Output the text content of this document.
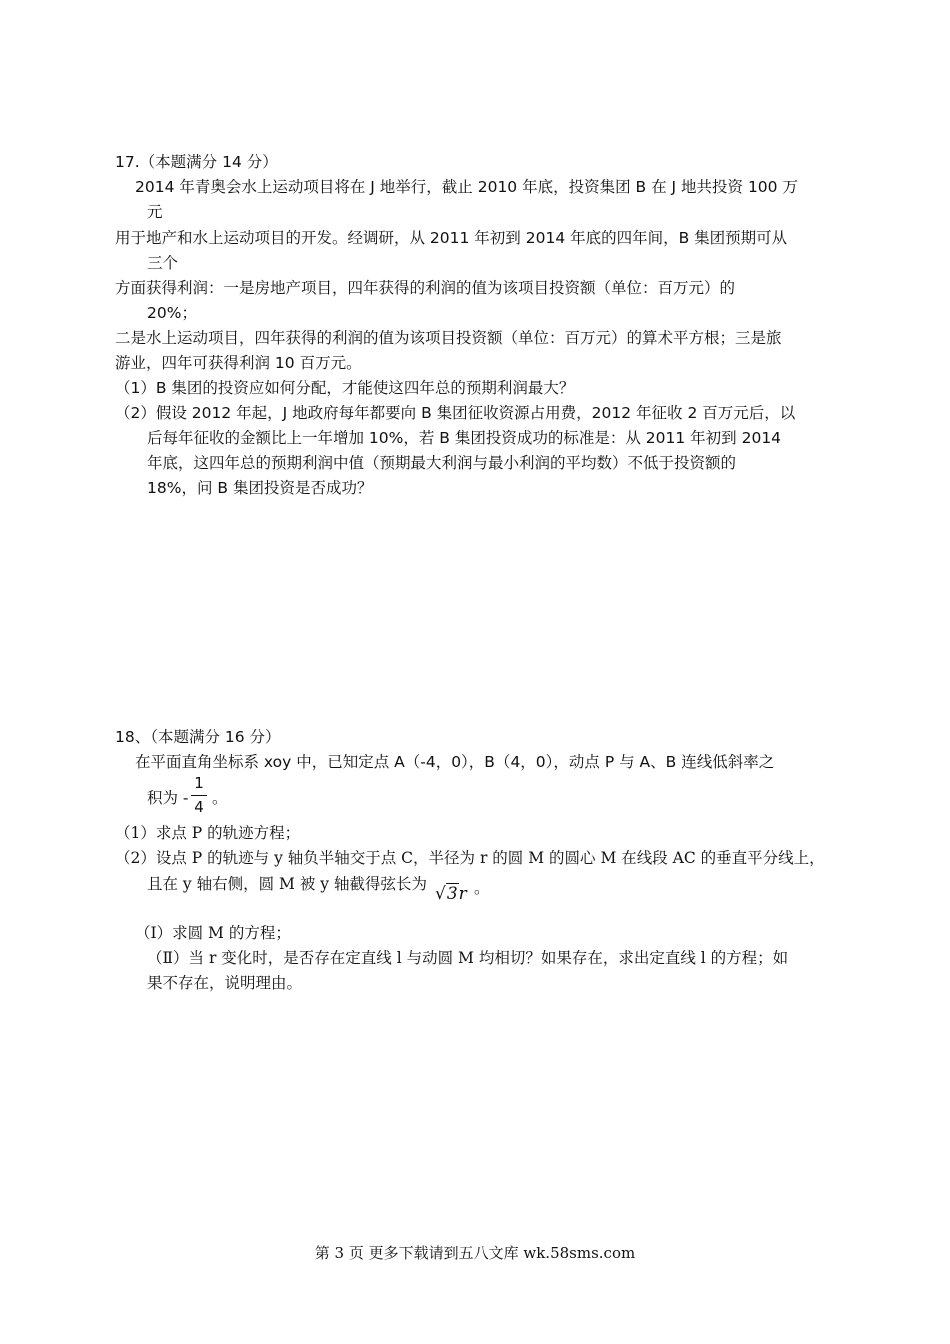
17.（本题满分 14 分）
2014 年青奥会水上运动项目将在 J 地举行，截止 2010 年底，投资集团 B 在 J 地共投资 100 万
元
用于地产和水上运动项目的开发。经调研，从 2011 年初到 2014 年底的四年间，B 集团预期可从
三个
方面获得利润：一是房地产项目，四年获得的利润的值为该项目投资额（单位：百万元）的
20%；
二是水上运动项目，四年获得的利润的值为该项目投资额（单位：百万元）的算术平方根；三是旅
游业，四年可获得利润 10 百万元。
（1）B 集团的投资应如何分配，才能使这四年总的预期利润最大？
（2）假设 2012 年起，J 地政府每年都要向 B 集团征收资源占用费，2012 年征收 2 百万元后，以
后每年征收的金额比上一年增加 10%，若 B 集团投资成功的标准是：从 2011 年初到 2014
年底，这四年总的预期利润中值（预期最大利润与最小利润的平均数）不低于投资额的
18%，问 B 集团投资是否成功？
18、（本题满分 16 分）
在平面直角坐标系 xoy 中，已知定点 A（-4，0），B（4，0），动点 P 与 A、B 连线低斜率之
积为 -
1
4 。
（1）求点 P 的轨迹方程；
（2）设点 P 的轨迹与 y 轴负半轴交于点 C，半径为 r 的圆 M 的圆心 M 在线段 AC 的垂直平分线上，
且在 y 轴右侧，圆 M 被 y 轴截得弦长为 √3r 。
（Ⅰ）求圆 M 的方程；
（Ⅱ）当 r 变化时，是否存在定直线 l 与动圆 M 均相切？如果存在，求出定直线 l 的方程；如
果不存在，说明理由。
第 3 页 更多下载请到五八文库 wk.58sms.com
